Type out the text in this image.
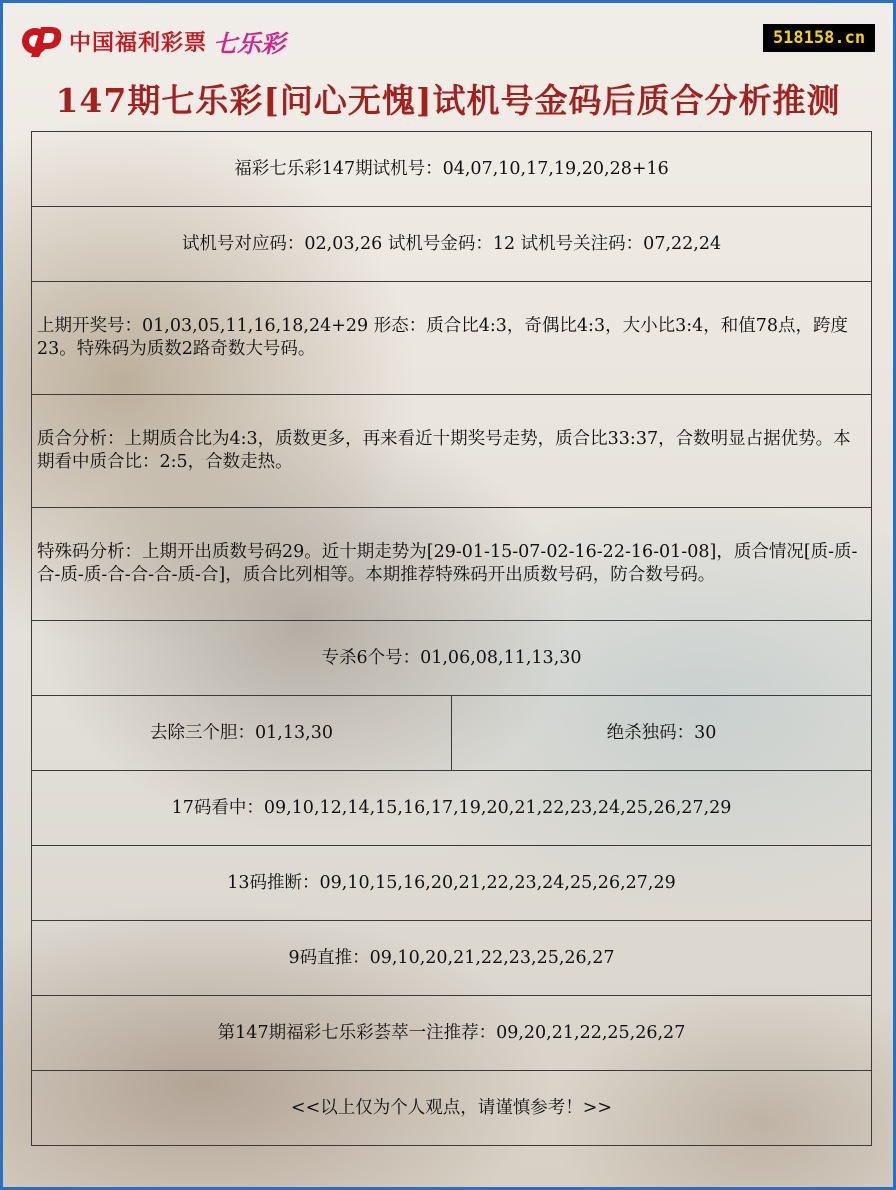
中国福利彩票 七乐彩	518158.cn
147期七乐彩[问心无愧]试机号金码后质合分析推测
福彩七乐彩147期试机号：04,07,10,17,19,20,28+16
试机号对应码：02,03,26 试机号金码：12 试机号关注码：07,22,24
上期开奖号：01,03,05,11,16,18,24+29 形态：质合比4:3，奇偶比4:3，大小比3:4，和值78点，跨度23。特殊码为质数2路奇数大号码。
质合分析：上期质合比为4:3，质数更多，再来看近十期奖号走势，质合比33:37，合数明显占据优势。本期看中质合比：2:5，合数走热。
特殊码分析：上期开出质数号码29。近十期走势为[29-01-15-07-02-16-22-16-01-08]，质合情况[质-质-合-质-质-合-合-合-质-合]，质合比列相等。本期推荐特殊码开出质数号码，防合数号码。
专杀6个号：01,06,08,11,13,30
去除三个胆：01,13,30	绝杀独码：30
17码看中：09,10,12,14,15,16,17,19,20,21,22,23,24,25,26,27,29
13码推断：09,10,15,16,20,21,22,23,24,25,26,27,29
9码直推：09,10,20,21,22,23,25,26,27
第147期福彩七乐彩荟萃一注推荐：09,20,21,22,25,26,27
<<以上仅为个人观点，请谨慎参考！>>
